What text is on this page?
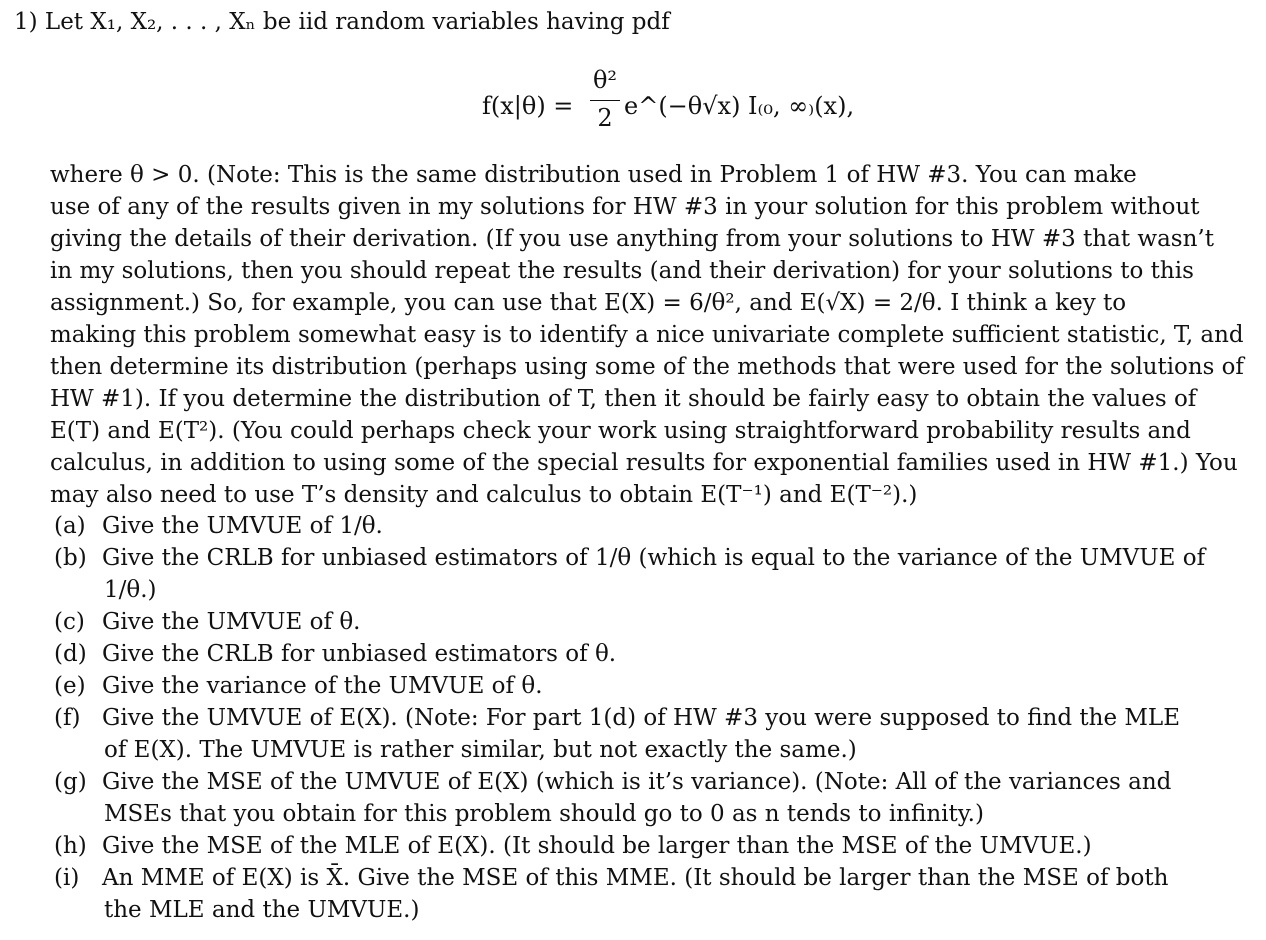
1) Let X₁, X₂, . . . , Xₙ be iid random variables having pdf
f(x|θ) =
θ²
2 e^(−θ√x) I₍₀, ∞₎(x),
where θ > 0. (Note: This is the same distribution used in Problem 1 of HW #3. You can make
use of any of the results given in my solutions for HW #3 in your solution for this problem without
giving the details of their derivation. (If you use anything from your solutions to HW #3 that wasn’t
in my solutions, then you should repeat the results (and their derivation) for your solutions to this
assignment.) So, for example, you can use that E(X) = 6/θ², and E(√X) = 2/θ. I think a key to
making this problem somewhat easy is to identify a nice univariate complete sufficient statistic, T, and
then determine its distribution (perhaps using some of the methods that were used for the solutions of
HW #1). If you determine the distribution of T, then it should be fairly easy to obtain the values of
E(T) and E(T²). (You could perhaps check your work using straightforward probability results and
calculus, in addition to using some of the special results for exponential families used in HW #1.) You
may also need to use T’s density and calculus to obtain E(T⁻¹) and E(T⁻²).)
(a) Give the UMVUE of 1/θ.
(b) Give the CRLB for unbiased estimators of 1/θ (which is equal to the variance of the UMVUE of
1/θ.)
(c) Give the UMVUE of θ.
(d) Give the CRLB for unbiased estimators of θ.
(e) Give the variance of the UMVUE of θ.
(f) Give the UMVUE of E(X). (Note: For part 1(d) of HW #3 you were supposed to find the MLE
of E(X). The UMVUE is rather similar, but not exactly the same.)
(g) Give the MSE of the UMVUE of E(X) (which is it’s variance). (Note: All of the variances and
MSEs that you obtain for this problem should go to 0 as n tends to infinity.)
(h) Give the MSE of the MLE of E(X). (It should be larger than the MSE of the UMVUE.)
(i) An MME of E(X) is X̄. Give the MSE of this MME. (It should be larger than the MSE of both
the MLE and the UMVUE.)
